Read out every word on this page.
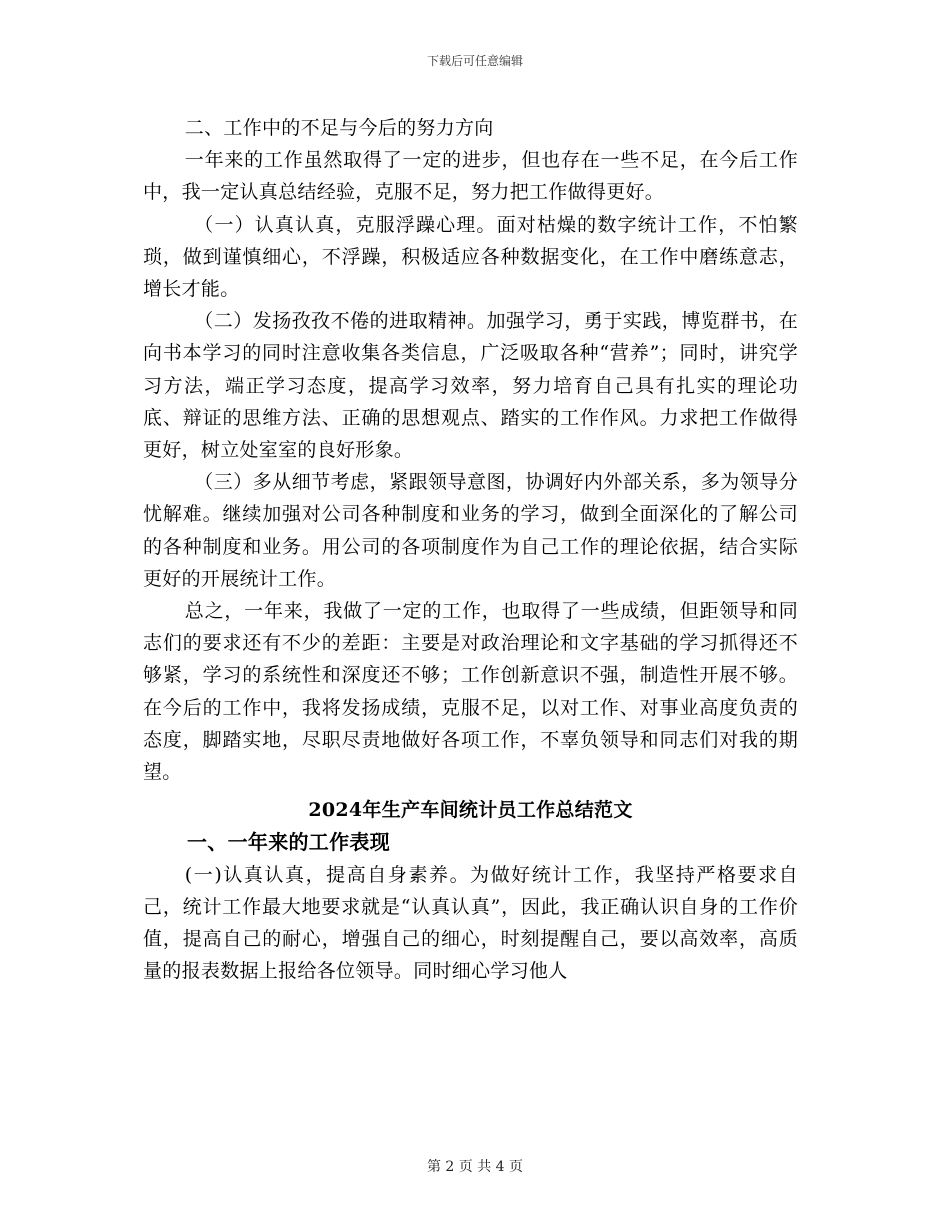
下载后可任意编辑

二、工作中的不足与今后的努力方向

一年来的工作虽然取得了一定的进步，但也存在一些不足，在今后工作中，我一定认真总结经验，克服不足，努力把工作做得更好。

（一）认真认真，克服浮躁心理。面对枯燥的数字统计工作，不怕繁琐，做到谨慎细心，不浮躁，积极适应各种数据变化，在工作中磨练意志，增长才能。

（二）发扬孜孜不倦的进取精神。加强学习，勇于实践，博览群书，在向书本学习的同时注意收集各类信息，广泛吸取各种“营养”；同时，讲究学习方法，端正学习态度，提高学习效率，努力培育自己具有扎实的理论功底、辩证的思维方法、正确的思想观点、踏实的工作作风。力求把工作做得更好，树立处室室的良好形象。

（三）多从细节考虑，紧跟领导意图，协调好内外部关系，多为领导分忧解难。继续加强对公司各种制度和业务的学习，做到全面深化的了解公司的各种制度和业务。用公司的各项制度作为自己工作的理论依据，结合实际更好的开展统计工作。

总之，一年来，我做了一定的工作，也取得了一些成绩，但距领导和同志们的要求还有不少的差距：主要是对政治理论和文字基础的学习抓得还不够紧，学习的系统性和深度还不够；工作创新意识不强，制造性开展不够。在今后的工作中，我将发扬成绩，克服不足，以对工作、对事业高度负责的态度，脚踏实地，尽职尽责地做好各项工作，不辜负领导和同志们对我的期望。

2024年生产车间统计员工作总结范文

一、一年来的工作表现

(一)认真认真，提高自身素养。为做好统计工作，我坚持严格要求自己，统计工作最大地要求就是“认真认真”，因此，我正确认识自身的工作价值，提高自己的耐心，增强自己的细心，时刻提醒自己，要以高效率，高质量的报表数据上报给各位领导。同时细心学习他人

第 2 页 共 4 页
